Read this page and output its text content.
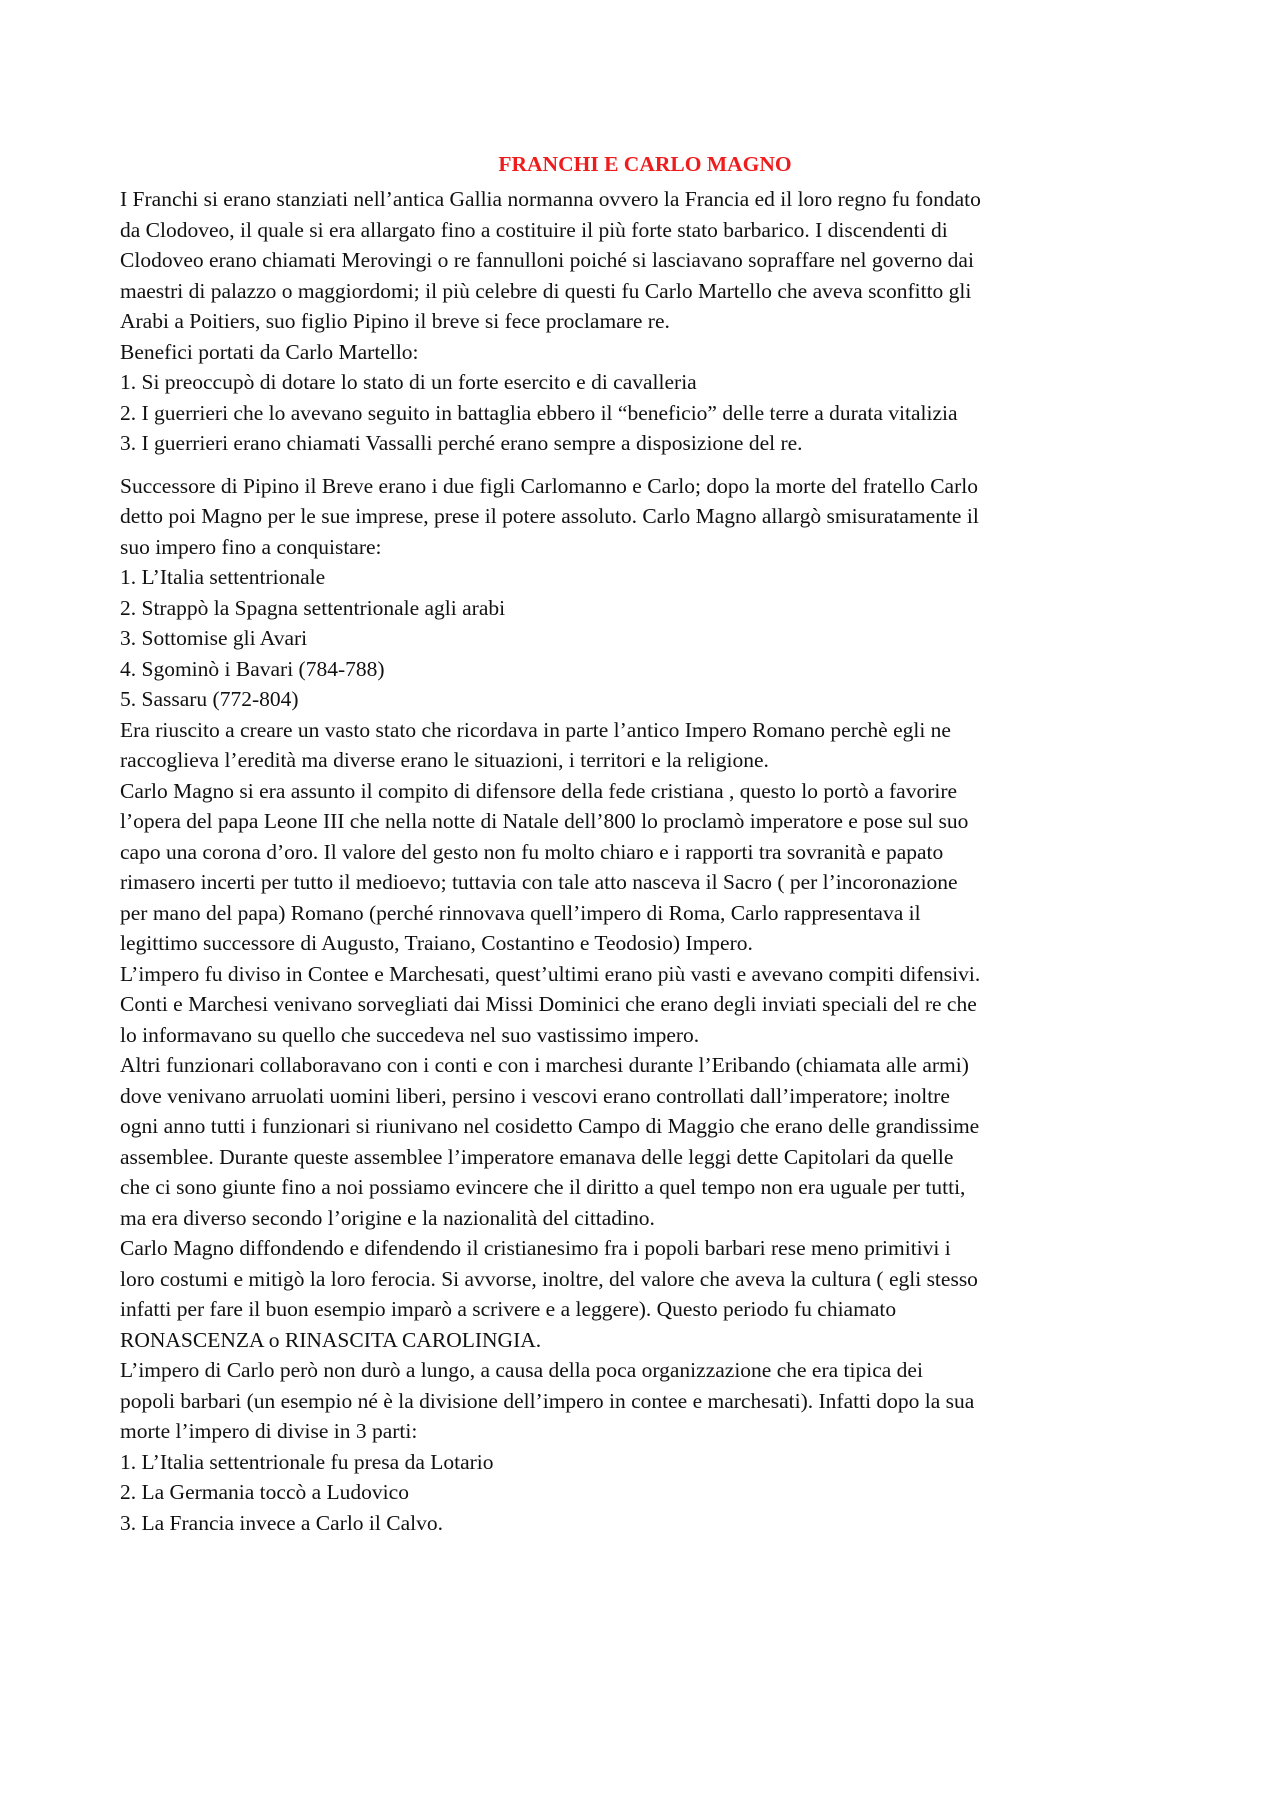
FRANCHI E CARLO MAGNO
I Franchi si erano stanziati nell’antica Gallia normanna ovvero la Francia ed il loro regno fu fondato
da Clodoveo, il quale si era allargato fino a costituire il più forte stato barbarico. I discendenti di
Clodoveo erano chiamati Merovingi o re fannulloni poiché si lasciavano sopraffare nel governo dai
maestri di palazzo o maggiordomi; il più celebre di questi fu Carlo Martello che aveva sconfitto gli
Arabi a Poitiers, suo figlio Pipino il breve si fece proclamare re.
Benefici portati da Carlo Martello:
1. Si preoccupò di dotare lo stato di un forte esercito e di cavalleria
2. I guerrieri che lo avevano seguito in battaglia ebbero il “beneficio” delle terre a durata vitalizia
3. I guerrieri erano chiamati Vassalli perché erano sempre a disposizione del re.
Successore di Pipino il Breve erano i due figli Carlomanno e Carlo; dopo la morte del fratello Carlo
detto poi Magno per le sue imprese, prese il potere assoluto. Carlo Magno allargò smisuratamente il
suo impero fino a conquistare:
1. L’Italia settentrionale
2. Strappò la Spagna settentrionale agli arabi
3. Sottomise gli Avari
4. Sgominò i Bavari (784-788)
5. Sassaru (772-804)
Era riuscito a creare un vasto stato che ricordava in parte l’antico Impero Romano perchè egli ne
raccoglieva l’eredità ma diverse erano le situazioni, i territori e la religione.
Carlo Magno si era assunto il compito di difensore della fede cristiana , questo lo portò a favorire
l’opera del papa Leone III che nella notte di Natale dell’800 lo proclamò imperatore e pose sul suo
capo una corona d’oro. Il valore del gesto non fu molto chiaro e i rapporti tra sovranità e papato
rimasero incerti per tutto il medioevo; tuttavia con tale atto nasceva il Sacro ( per l’incoronazione
per mano del papa) Romano (perché rinnovava quell’impero di Roma, Carlo rappresentava il
legittimo successore di Augusto, Traiano, Costantino e Teodosio) Impero.
L’impero fu diviso in Contee e Marchesati, quest’ultimi erano più vasti e avevano compiti difensivi.
Conti e Marchesi venivano sorvegliati dai Missi Dominici che erano degli inviati speciali del re che
lo informavano su quello che succedeva nel suo vastissimo impero.
Altri funzionari collaboravano con i conti e con i marchesi durante l’Eribando (chiamata alle armi)
dove venivano arruolati uomini liberi, persino i vescovi erano controllati dall’imperatore; inoltre
ogni anno tutti i funzionari si riunivano nel cosidetto Campo di Maggio che erano delle grandissime
assemblee. Durante queste assemblee l’imperatore emanava delle leggi dette Capitolari da quelle
che ci sono giunte fino a noi possiamo evincere che il diritto a quel tempo non era uguale per tutti,
ma era diverso secondo l’origine e la nazionalità del cittadino.
Carlo Magno diffondendo e difendendo il cristianesimo fra i popoli barbari rese meno primitivi i
loro costumi e mitigò la loro ferocia. Si avvorse, inoltre, del valore che aveva la cultura ( egli stesso
infatti per fare il buon esempio imparò a scrivere e a leggere). Questo periodo fu chiamato
RONASCENZA o RINASCITA CAROLINGIA.
L’impero di Carlo però non durò a lungo, a causa della poca organizzazione che era tipica dei
popoli barbari (un esempio né è la divisione dell’impero in contee e marchesati). Infatti dopo la sua
morte l’impero di divise in 3 parti:
1. L’Italia settentrionale fu presa da Lotario
2. La Germania toccò a Ludovico
3. La Francia invece a Carlo il Calvo.
